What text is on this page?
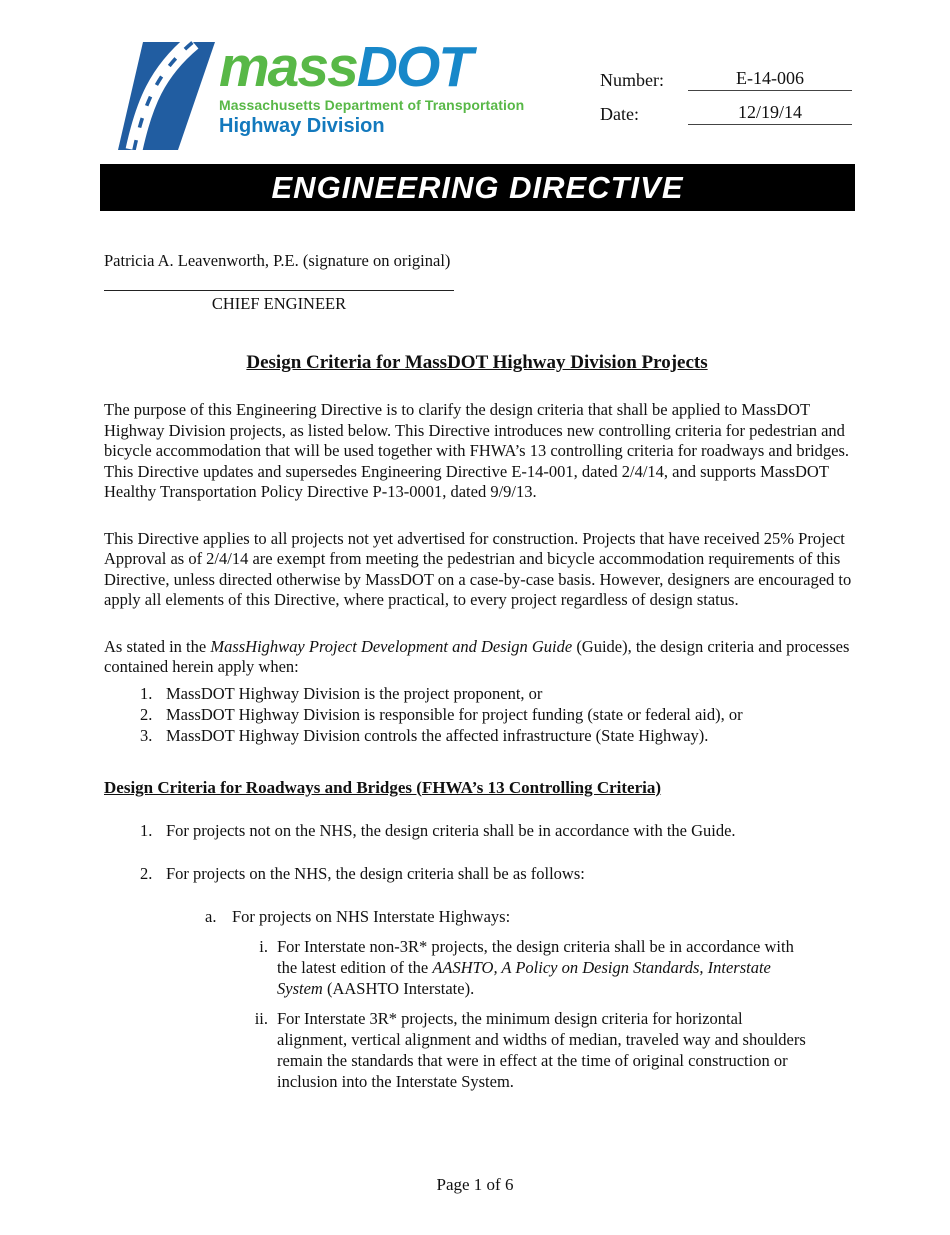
massDOT
Massachusetts Department of Transportation
Highway Division
Number:	E-14-006
Date:	12/19/14
ENGINEERING DIRECTIVE
Patricia A. Leavenworth, P.E. (signature on original)
CHIEF ENGINEER
Design Criteria for MassDOT Highway Division Projects

The purpose of this Engineering Directive is to clarify the design criteria that shall be applied to MassDOT Highway Division projects, as listed below. This Directive introduces new controlling criteria for pedestrian and bicycle accommodation that will be used together with FHWA’s 13 controlling criteria for roadways and bridges. This Directive updates and supersedes Engineering Directive E-14-001, dated 2/4/14, and supports MassDOT Healthy Transportation Policy Directive P-13-0001, dated 9/9/13.

This Directive applies to all projects not yet advertised for construction. Projects that have received 25% Project Approval as of 2/4/14 are exempt from meeting the pedestrian and bicycle accommodation requirements of this Directive, unless directed otherwise by MassDOT on a case-by-case basis. However, designers are encouraged to apply all elements of this Directive, where practical, to every project regardless of design status.

As stated in the MassHighway Project Development and Design Guide (Guide), the design criteria and processes contained herein apply when:

1. MassDOT Highway Division is the project proponent, or
2. MassDOT Highway Division is responsible for project funding (state or federal aid), or
3. MassDOT Highway Division controls the affected infrastructure (State Highway).
Design Criteria for Roadways and Bridges (FHWA’s 13 Controlling Criteria)
1. For projects not on the NHS, the design criteria shall be in accordance with the Guide.
2. For projects on the NHS, the design criteria shall be as follows:
a. For projects on NHS Interstate Highways:
i. For Interstate non-3R* projects, the design criteria shall be in accordance with the latest edition of the AASHTO, A Policy on Design Standards, Interstate System (AASHTO Interstate).
ii. For Interstate 3R* projects, the minimum design criteria for horizontal alignment, vertical alignment and widths of median, traveled way and shoulders remain the standards that were in effect at the time of original construction or inclusion into the Interstate System.
Page 1 of 6
